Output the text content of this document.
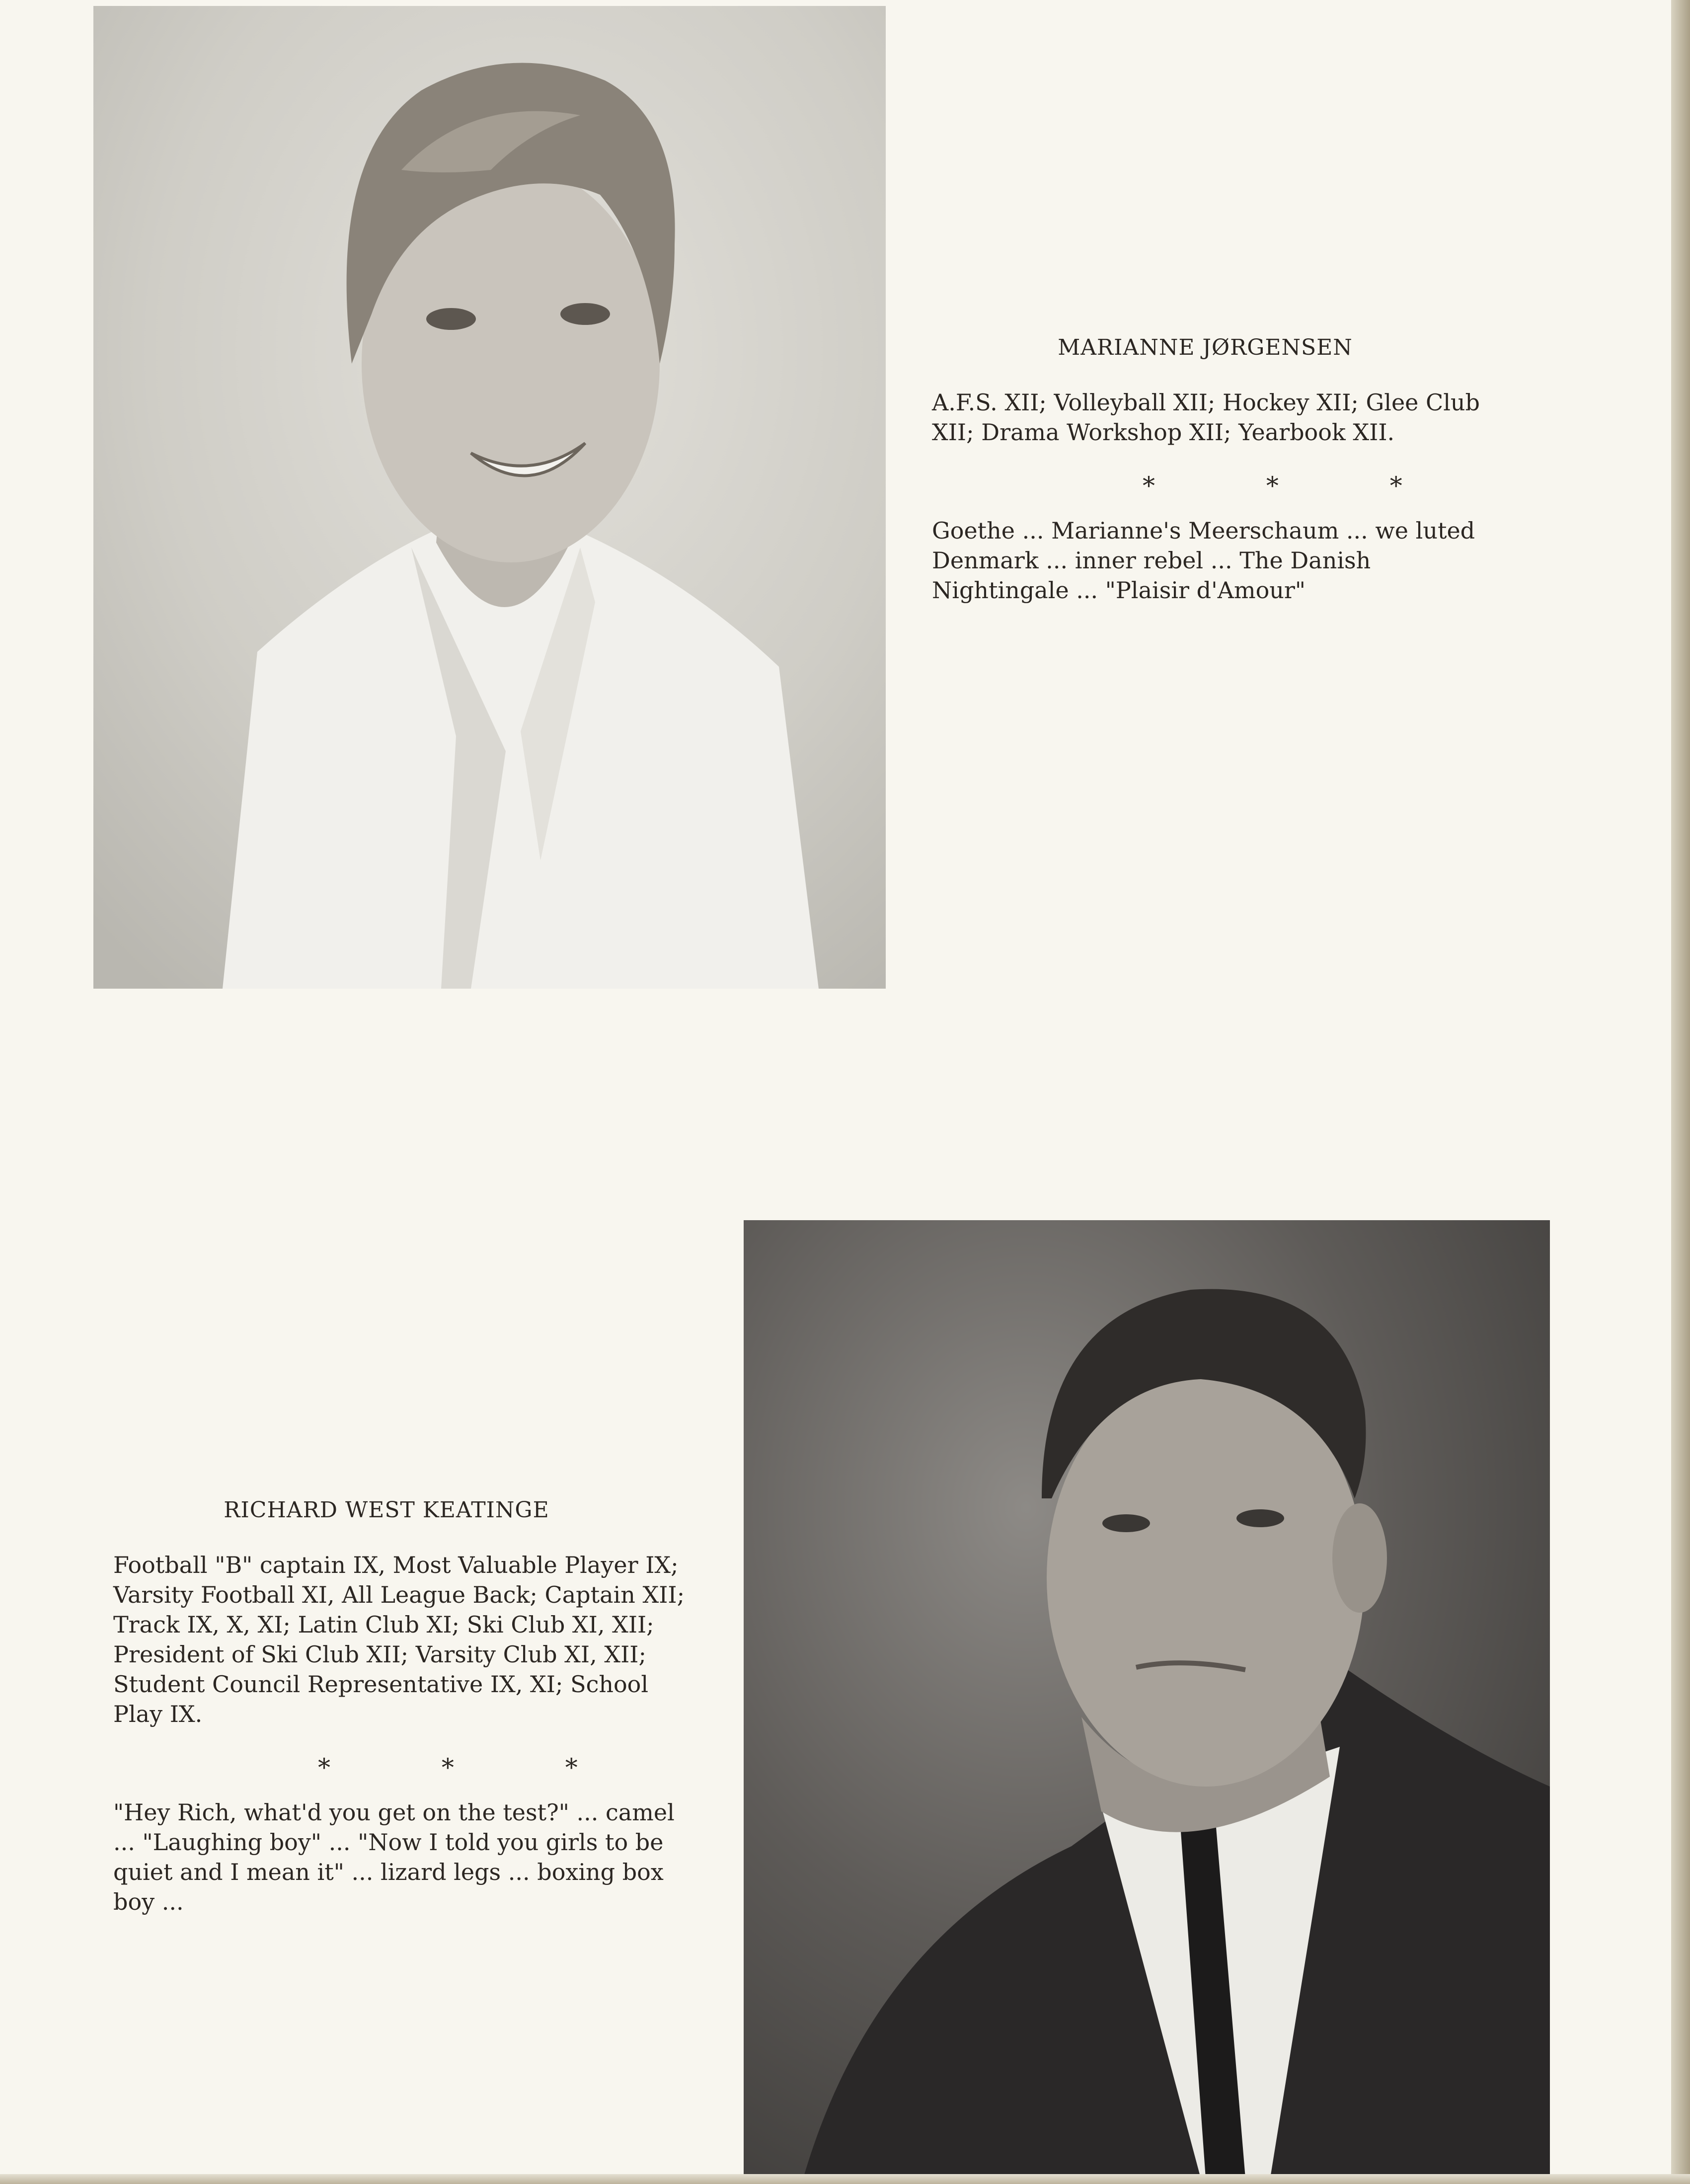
MARIANNE JØRGENSEN

A.F.S. XII; Volleyball XII; Hockey XII; Glee Club XII; Drama Workshop XII; Yearbook XII.

* * *

Goethe ... Marianne's Meerschaum ... we luted Denmark ... inner rebel ... The Danish Nightingale ... "Plaisir d'Amour"

RICHARD WEST KEATINGE

Football "B" captain IX, Most Valuable Player IX; Varsity Football XI, All League Back; Captain XII; Track IX, X, XI; Latin Club XI; Ski Club XI, XII; President of Ski Club XII; Varsity Club XI, XII; Student Council Representative IX, XI; School Play IX.

* * *

"Hey Rich, what'd you get on the test?" ... camel ... "Laughing boy" ... "Now I told you girls to be quiet and I mean it" ... lizard legs ... boxing box boy ...
